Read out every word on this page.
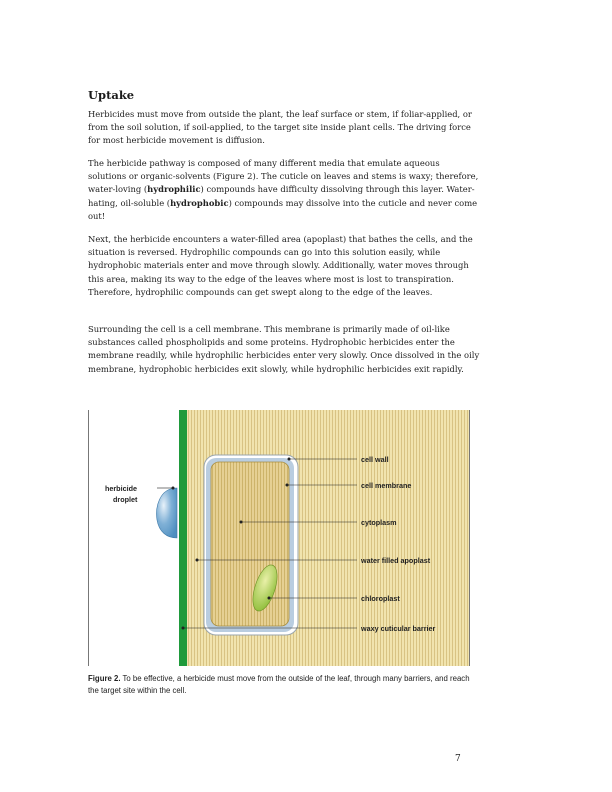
Uptake

Herbicides must move from outside the plant, the leaf surface or stem, if foliar-applied, or from the soil solution, if soil-applied, to the target site inside plant cells. The driving force for most herbicide movement is diffusion.

The herbicide pathway is composed of many different media that emulate aqueous solutions or organic-solvents (Figure 2). The cuticle on leaves and stems is waxy; therefore, water-loving (hydrophilic) compounds have difficulty dissolving through this layer. Water-hating, oil-soluble (hydrophobic) compounds may dissolve into the cuticle and never come out!

Next, the herbicide encounters a water-filled area (apoplast) that bathes the cells, and the situation is reversed. Hydrophilic compounds can go into this solution easily, while hydrophobic materials enter and move through slowly. Additionally, water moves through this area, making its way to the edge of the leaves where most is lost to transpiration. Therefore, hydrophilic compounds can get swept along to the edge of the leaves.

Surrounding the cell is a cell membrane. This membrane is primarily made of oil-like substances called phospholipids and some proteins. Hydrophobic herbicides enter the membrane readily, while hydrophilic herbicides enter very slowly. Once dissolved in the oily membrane, hydrophobic herbicides exit slowly, while hydrophilic herbicides exit rapidly.

cell wall
cell membrane
cytoplasm
water filled apoplast
chloroplast
waxy cuticular barrier
herbicide
droplet

Figure 2. To be effective, a herbicide must move from the outside of the leaf, through many barriers, and reach the target site within the cell.

7
